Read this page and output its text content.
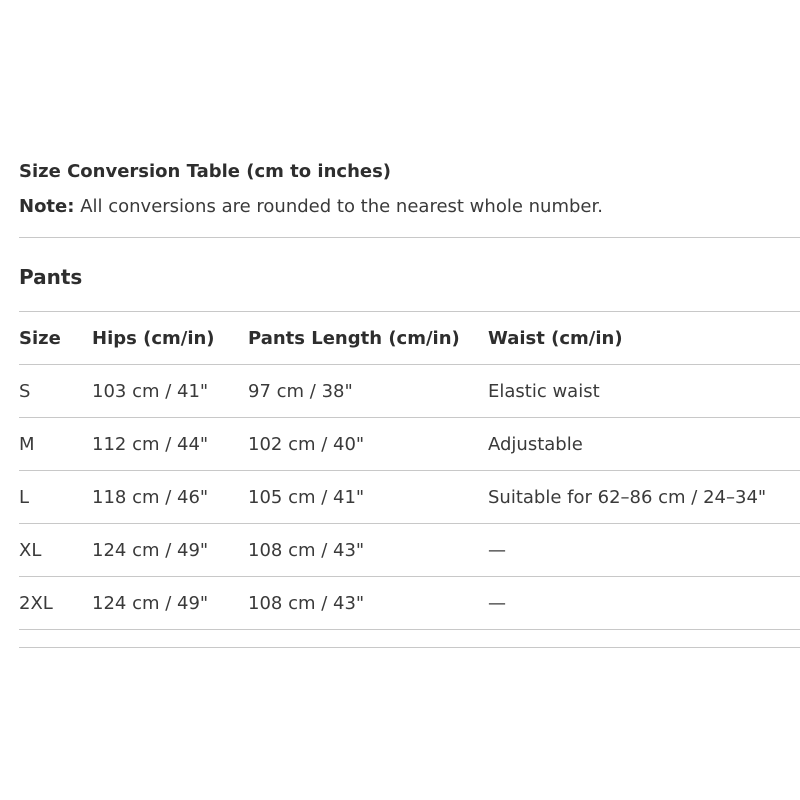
Size Conversion Table (cm to inches)
Note: All conversions are rounded to the nearest whole number.
Pants
Size	Hips (cm/in)	Pants Length (cm/in)	Waist (cm/in)
S	103 cm / 41"	97 cm / 38"	Elastic waist
M	112 cm / 44"	102 cm / 40"	Adjustable
L	118 cm / 46"	105 cm / 41"	Suitable for 62–86 cm / 24–34"
XL	124 cm / 49"	108 cm / 43"	—
2XL	124 cm / 49"	108 cm / 43"	—
